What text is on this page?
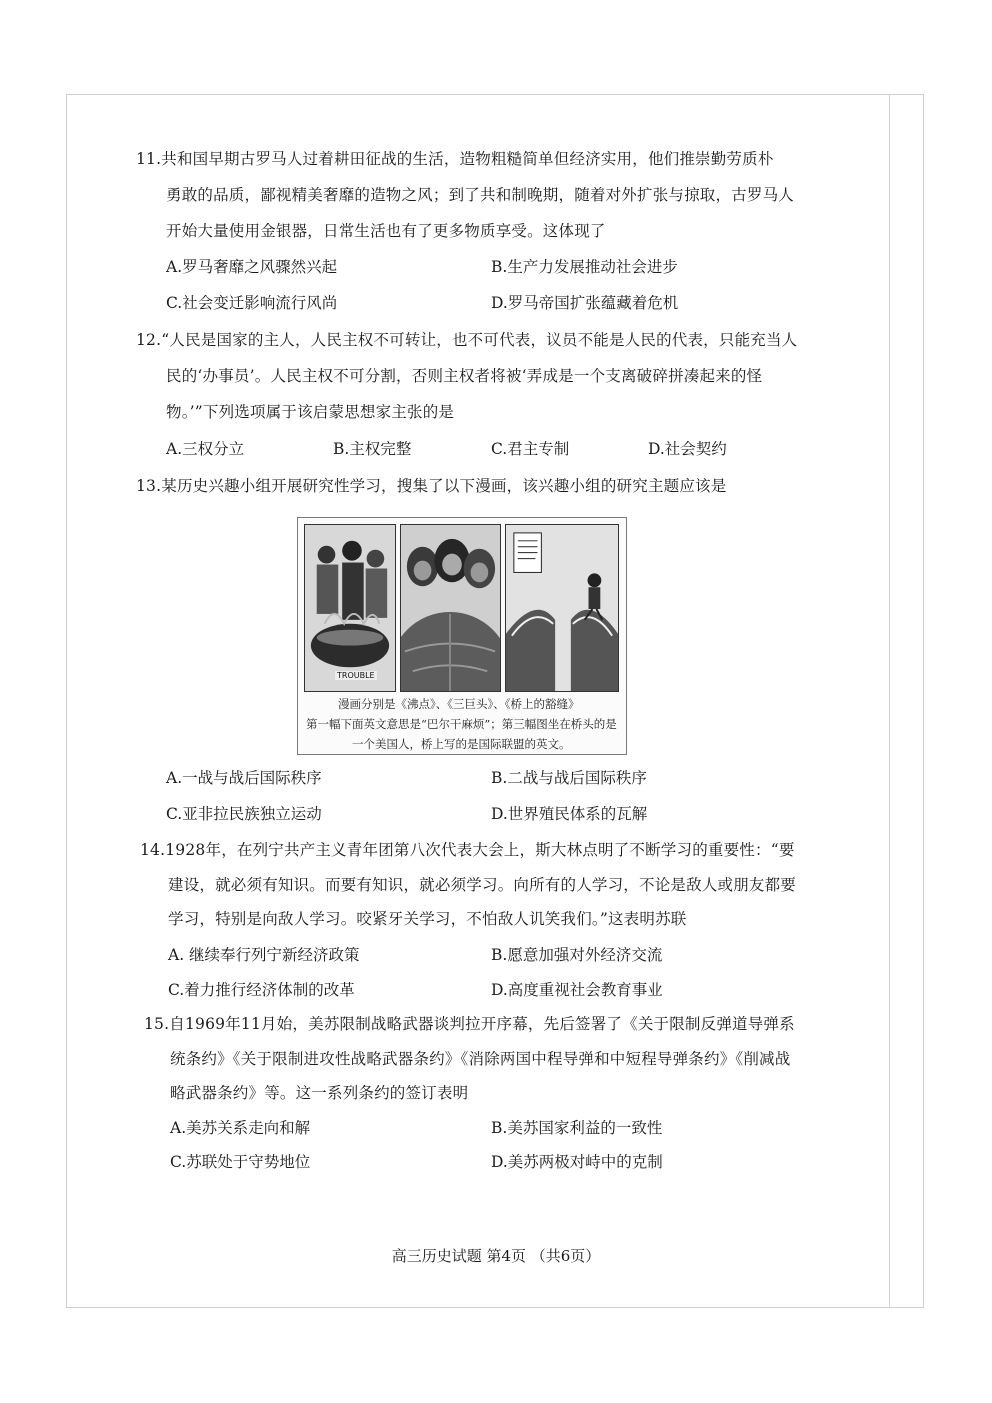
11.共和国早期古罗马人过着耕田征战的生活，造物粗糙简单但经济实用，他们推崇勤劳质朴
勇敢的品质，鄙视精美奢靡的造物之风；到了共和制晚期，随着对外扩张与掠取，古罗马人
开始大量使用金银器，日常生活也有了更多物质享受。这体现了
A.罗马奢靡之风骤然兴起	B.生产力发展推动社会进步
C.社会变迁影响流行风尚	D.罗马帝国扩张蕴藏着危机
12.“人民是国家的主人，人民主权不可转让，也不可代表，议员不能是人民的代表，只能充当人
民的‘办事员’。人民主权不可分割，否则主权者将被‘弄成是一个支离破碎拼凑起来的怪
物。’”下列选项属于该启蒙思想家主张的是
A.三权分立	B.主权完整	C.君主专制	D.社会契约
13.某历史兴趣小组开展研究性学习，搜集了以下漫画，该兴趣小组的研究主题应该是
TROUBLE
漫画分别是《沸点》、《三巨头》、《桥上的豁缝》
第一幅下面英文意思是“巴尔干麻烦”；第三幅图坐在桥头的是
一个美国人，桥上写的是国际联盟的英文。
A.一战与战后国际秩序	B.二战与战后国际秩序
C.亚非拉民族独立运动	D.世界殖民体系的瓦解
14.1928年，在列宁共产主义青年团第八次代表大会上，斯大林点明了不断学习的重要性：“要
建设，就必须有知识。而要有知识，就必须学习。向所有的人学习，不论是敌人或朋友都要
学习，特别是向敌人学习。咬紧牙关学习，不怕敌人讥笑我们。”这表明苏联
A. 继续奉行列宁新经济政策	B.愿意加强对外经济交流
C.着力推行经济体制的改革	D.高度重视社会教育事业
15.自1969年11月始，美苏限制战略武器谈判拉开序幕，先后签署了《关于限制反弹道导弹系
统条约》《关于限制进攻性战略武器条约》《消除两国中程导弹和中短程导弹条约》《削减战
略武器条约》等。这一系列条约的签订表明
A.美苏关系走向和解	B.美苏国家利益的一致性
C.苏联处于守势地位	D.美苏两极对峙中的克制
高三历史试题 第4页 （共6页）
